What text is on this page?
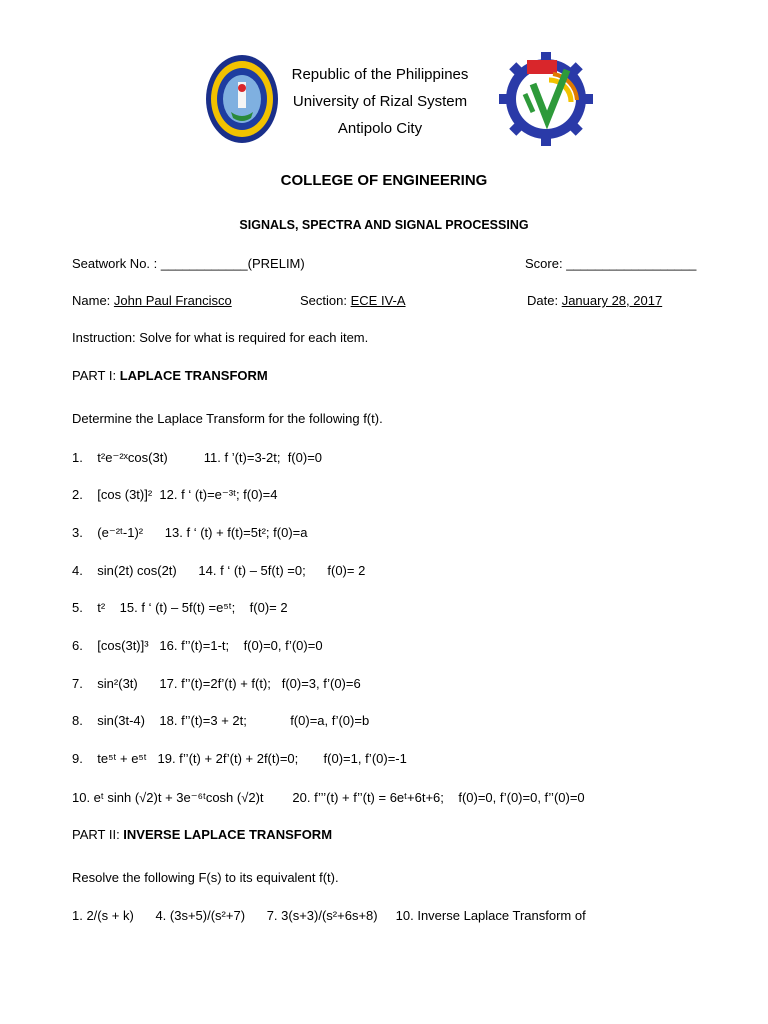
Republic of the Philippines
University of Rizal System
Antipolo City
COLLEGE OF ENGINEERING
SIGNALS, SPECTRA AND SIGNAL PROCESSING
Seatwork No. : ____________(PRELIM)	Score: __________________
Name: John Paul Francisco	Section: ECE IV-A	Date: January 28, 2017
Instruction: Solve for what is required for each item.
PART I: LAPLACE TRANSFORM
Determine the Laplace Transform for the following f(t).
1.    t²e⁻²ˣcos(3t)          11. f ’(t)=3-2t;  f(0)=0
2.    [cos (3t)]²  12. f ‘ (t)=e⁻³ᵗ; f(0)=4
3.    (e⁻²ᵗ-1)²      13. f ‘ (t) + f(t)=5t²; f(0)=a
4.    sin(2t) cos(2t)      14. f ‘ (t) – 5f(t) =0;      f(0)= 2
5.    t²    15. f ‘ (t) – 5f(t) =e⁵ᵗ;    f(0)= 2
6.    [cos(3t)]³   16. f’’(t)=1-t;    f(0)=0, f’(0)=0
7.    sin²(3t)      17. f’’(t)=2f’(t) + f(t);   f(0)=3, f’(0)=6
8.    sin(3t-4)    18. f’’(t)=3 + 2t;            f(0)=a, f’(0)=b
9.    te⁵ᵗ + e⁵ᵗ   19. f’’(t) + 2f’(t) + 2f(t)=0;       f(0)=1, f’(0)=-1
10. eᵗ sinh (√2)t + 3e⁻⁶ᵗcosh (√2)t        20. f’’’(t) + f’’(t) = 6eᵗ+6t+6;    f(0)=0, f’(0)=0, f’’(0)=0
PART II: INVERSE LAPLACE TRANSFORM
Resolve the following F(s) to its equivalent f(t).
1. 2/(s + k)      4. (3s+5)/(s²+7)      7. 3(s+3)/(s²+6s+8)     10. Inverse Laplace Transform of
